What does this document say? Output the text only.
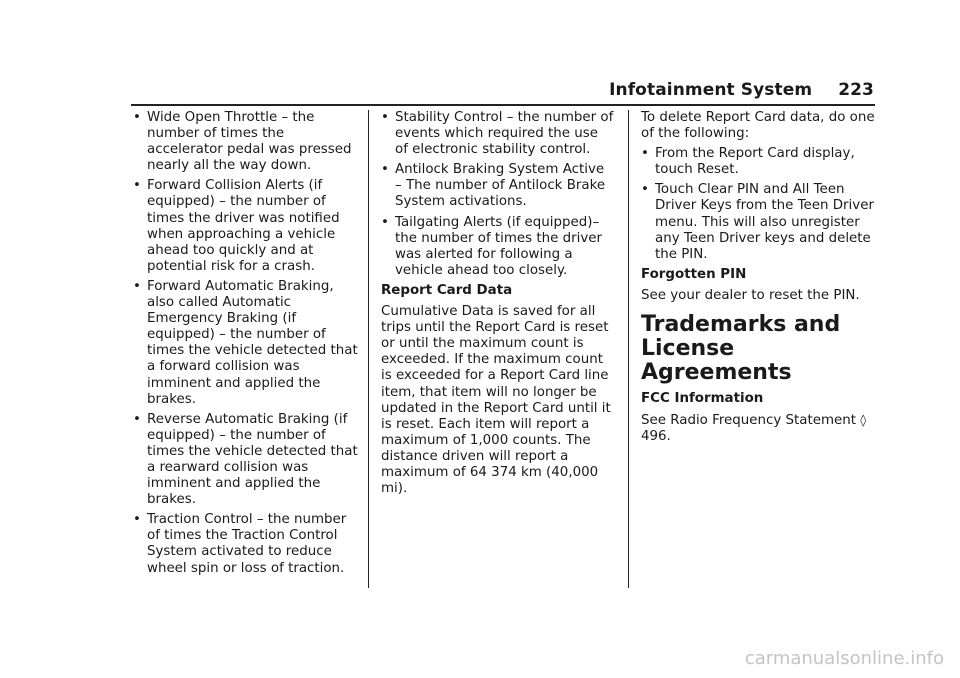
Infotainment System 223
• Wide Open Throttle – the number of times the accelerator pedal was pressed nearly all the way down.
• Forward Collision Alerts (if equipped) – the number of times the driver was notified when approaching a vehicle ahead too quickly and at potential risk for a crash.
• Forward Automatic Braking, also called Automatic Emergency Braking (if equipped) – the number of times the vehicle detected that a forward collision was imminent and applied the brakes.
• Reverse Automatic Braking (if equipped) – the number of times the vehicle detected that a rearward collision was imminent and applied the brakes.
• Traction Control – the number of times the Traction Control System activated to reduce wheel spin or loss of traction.
• Stability Control – the number of events which required the use of electronic stability control.
• Antilock Braking System Active – The number of Antilock Brake System activations.
• Tailgating Alerts (if equipped)– the number of times the driver was alerted for following a vehicle ahead too closely.
Report Card Data
Cumulative Data is saved for all trips until the Report Card is reset or until the maximum count is exceeded. If the maximum count is exceeded for a Report Card line item, that item will no longer be updated in the Report Card until it is reset. Each item will report a maximum of 1,000 counts. The distance driven will report a maximum of 64 374 km (40,000 mi).
To delete Report Card data, do one of the following:
• From the Report Card display, touch Reset.
• Touch Clear PIN and All Teen Driver Keys from the Teen Driver menu. This will also unregister any Teen Driver keys and delete the PIN.
Forgotten PIN
See your dealer to reset the PIN.
Trademarks and License Agreements
FCC Information
See Radio Frequency Statement ◊ 496.
carmanualsonline.info
